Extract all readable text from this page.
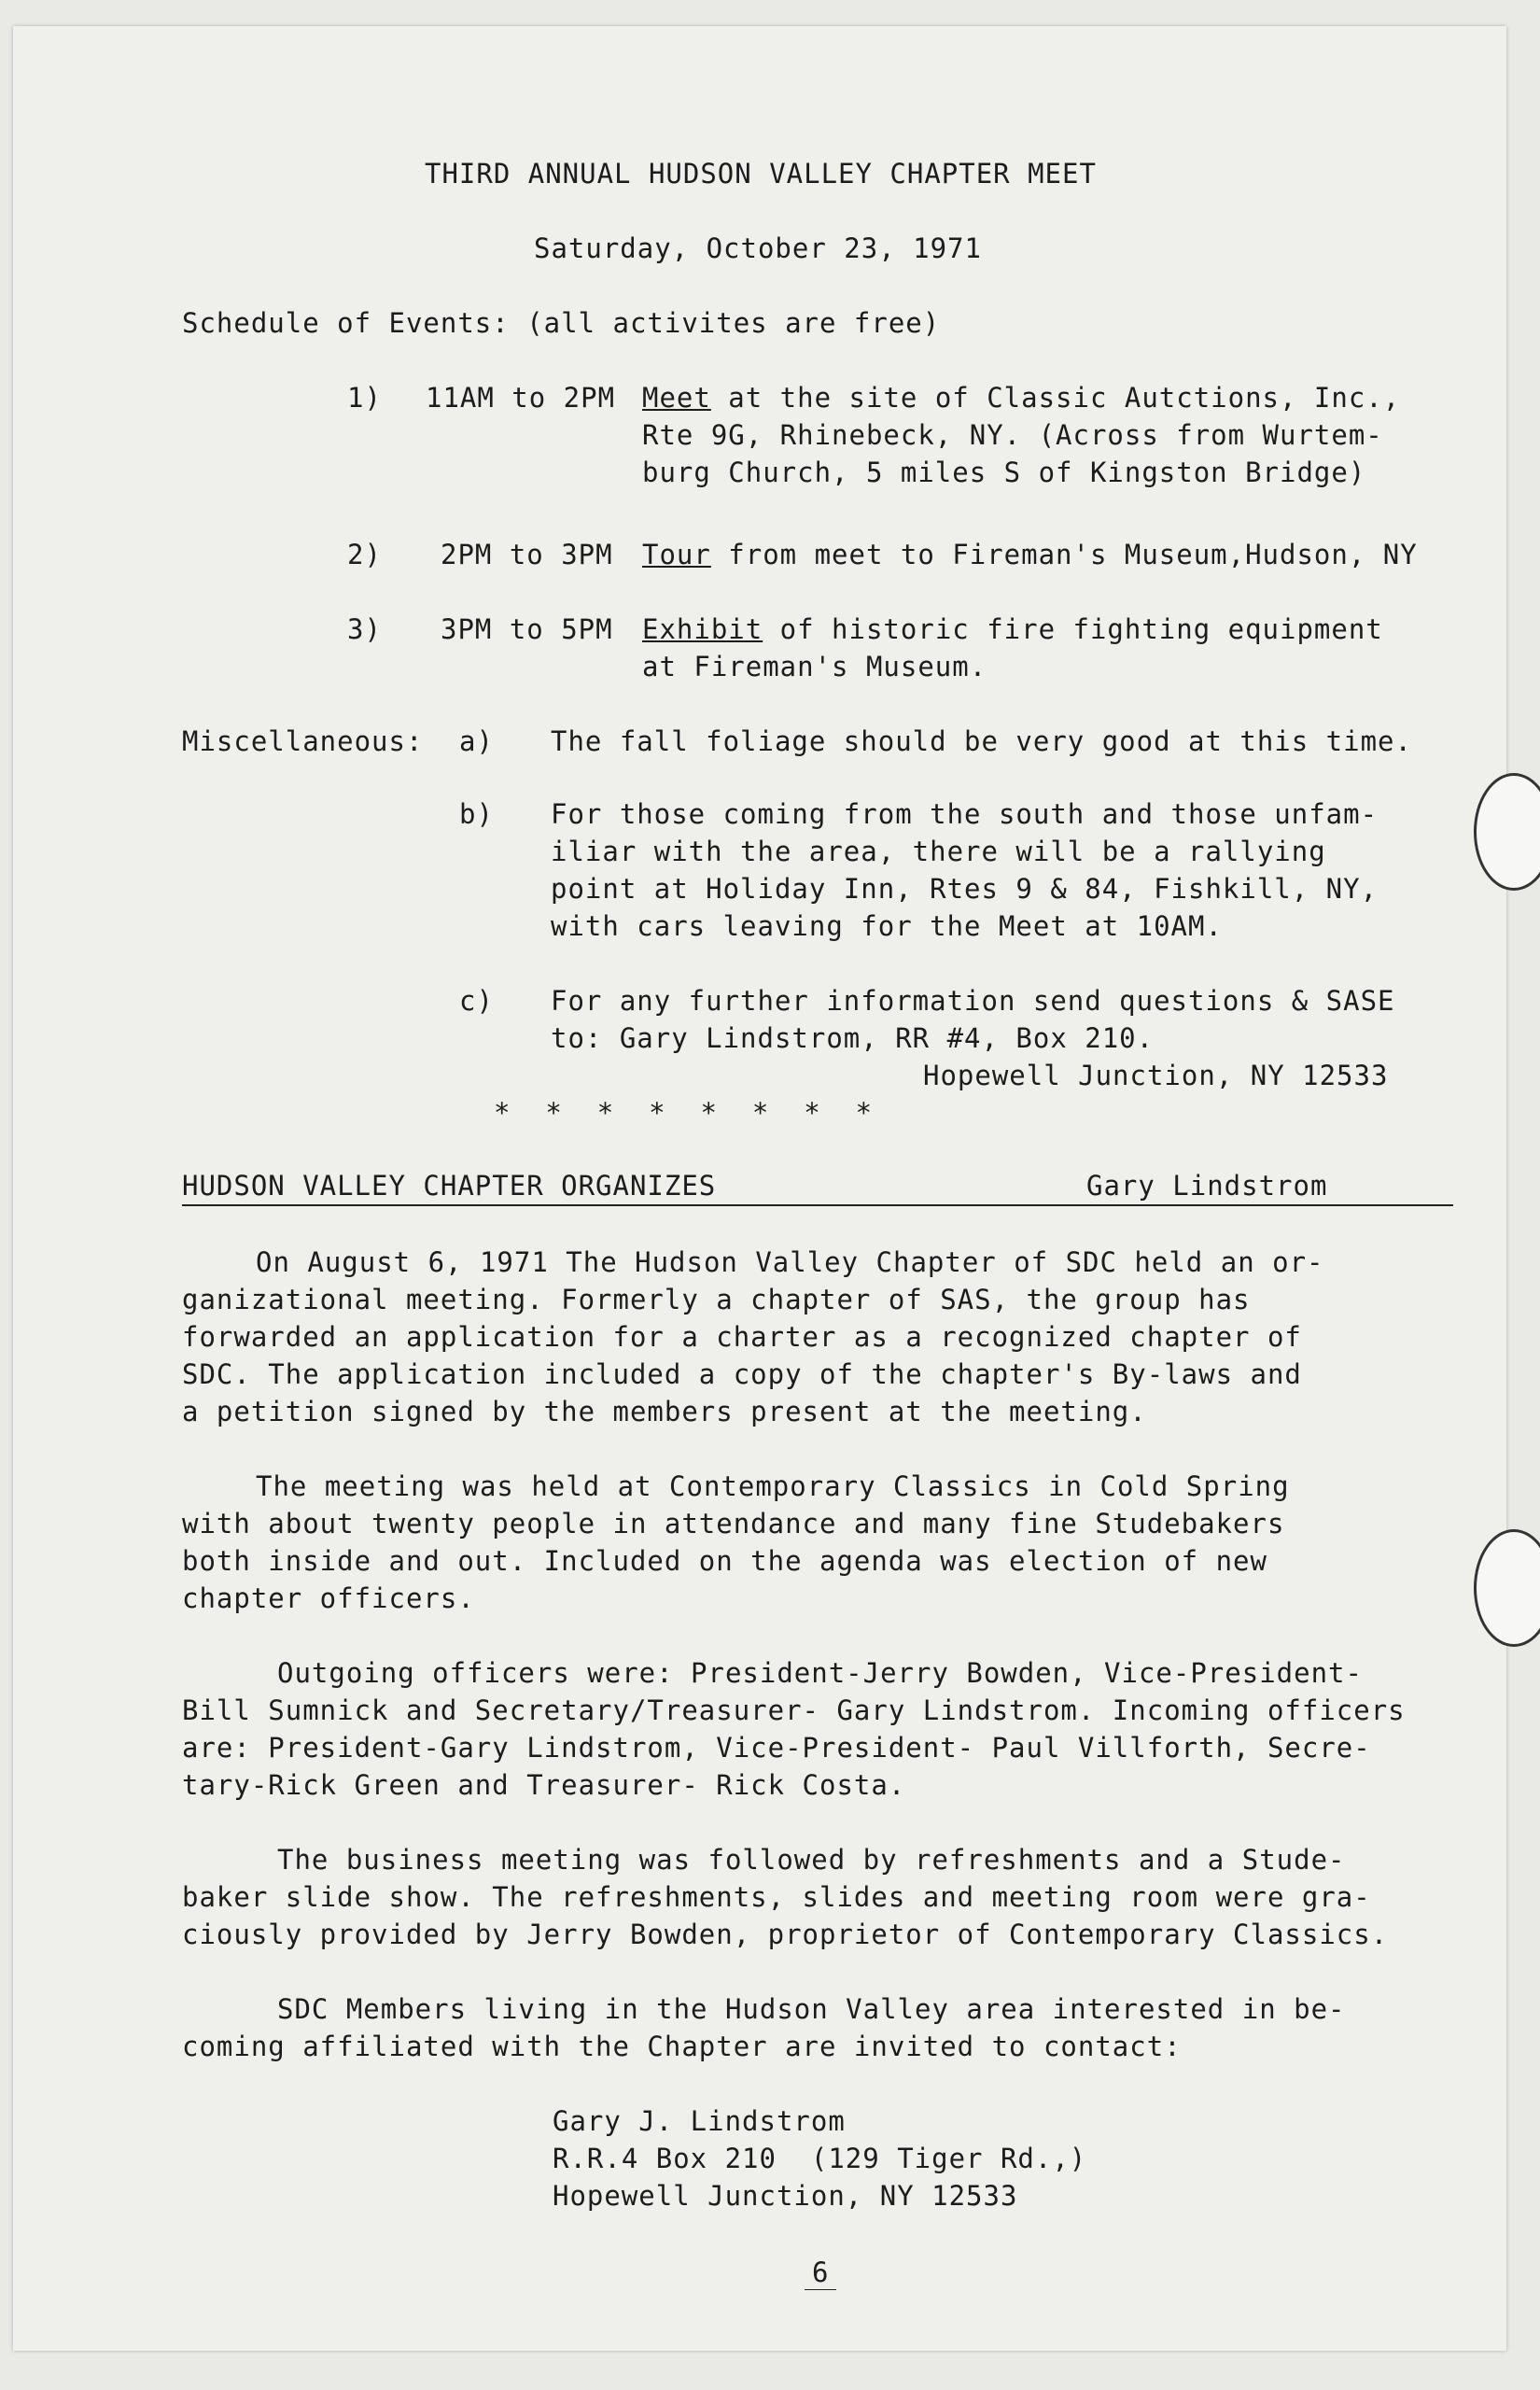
THIRD ANNUAL HUDSON VALLEY CHAPTER MEET
Saturday, October 23, 1971
Schedule of Events: (all activites are free)
1) 11AM to 2PM Meet at the site of Classic Autctions, Inc.,
Rte 9G, Rhinebeck, NY. (Across from Wurtem-
burg Church, 5 miles S of Kingston Bridge)
2) 2PM to 3PM Tour from meet to Fireman's Museum,Hudson, NY
3) 3PM to 5PM Exhibit of historic fire fighting equipment
at Fireman's Museum.
Miscellaneous: a) The fall foliage should be very good at this time.
b) For those coming from the south and those unfam-
iliar with the area, there will be a rallying
point at Holiday Inn, Rtes 9 & 84, Fishkill, NY,
with cars leaving for the Meet at 10AM.
c) For any further information send questions & SASE
to: Gary Lindstrom, RR #4, Box 210.
Hopewell Junction, NY 12533
*  *  *  *  *  *  *  *
HUDSON VALLEY CHAPTER ORGANIZES	Gary Lindstrom
On August 6, 1971 The Hudson Valley Chapter of SDC held an or-
ganizational meeting. Formerly a chapter of SAS, the group has
forwarded an application for a charter as a recognized chapter of
SDC. The application included a copy of the chapter's By-laws and
a petition signed by the members present at the meeting.
The meeting was held at Contemporary Classics in Cold Spring
with about twenty people in attendance and many fine Studebakers
both inside and out. Included on the agenda was election of new
chapter officers.
Outgoing officers were: President-Jerry Bowden, Vice-President-
Bill Sumnick and Secretary/Treasurer- Gary Lindstrom. Incoming officers
are: President-Gary Lindstrom, Vice-President- Paul Villforth, Secre-
tary-Rick Green and Treasurer- Rick Costa.
The business meeting was followed by refreshments and a Stude-
baker slide show. The refreshments, slides and meeting room were gra-
ciously provided by Jerry Bowden, proprietor of Contemporary Classics.
SDC Members living in the Hudson Valley area interested in be-
coming affiliated with the Chapter are invited to contact:
Gary J. Lindstrom
R.R.4 Box 210  (129 Tiger Rd.,)
Hopewell Junction, NY 12533
6
